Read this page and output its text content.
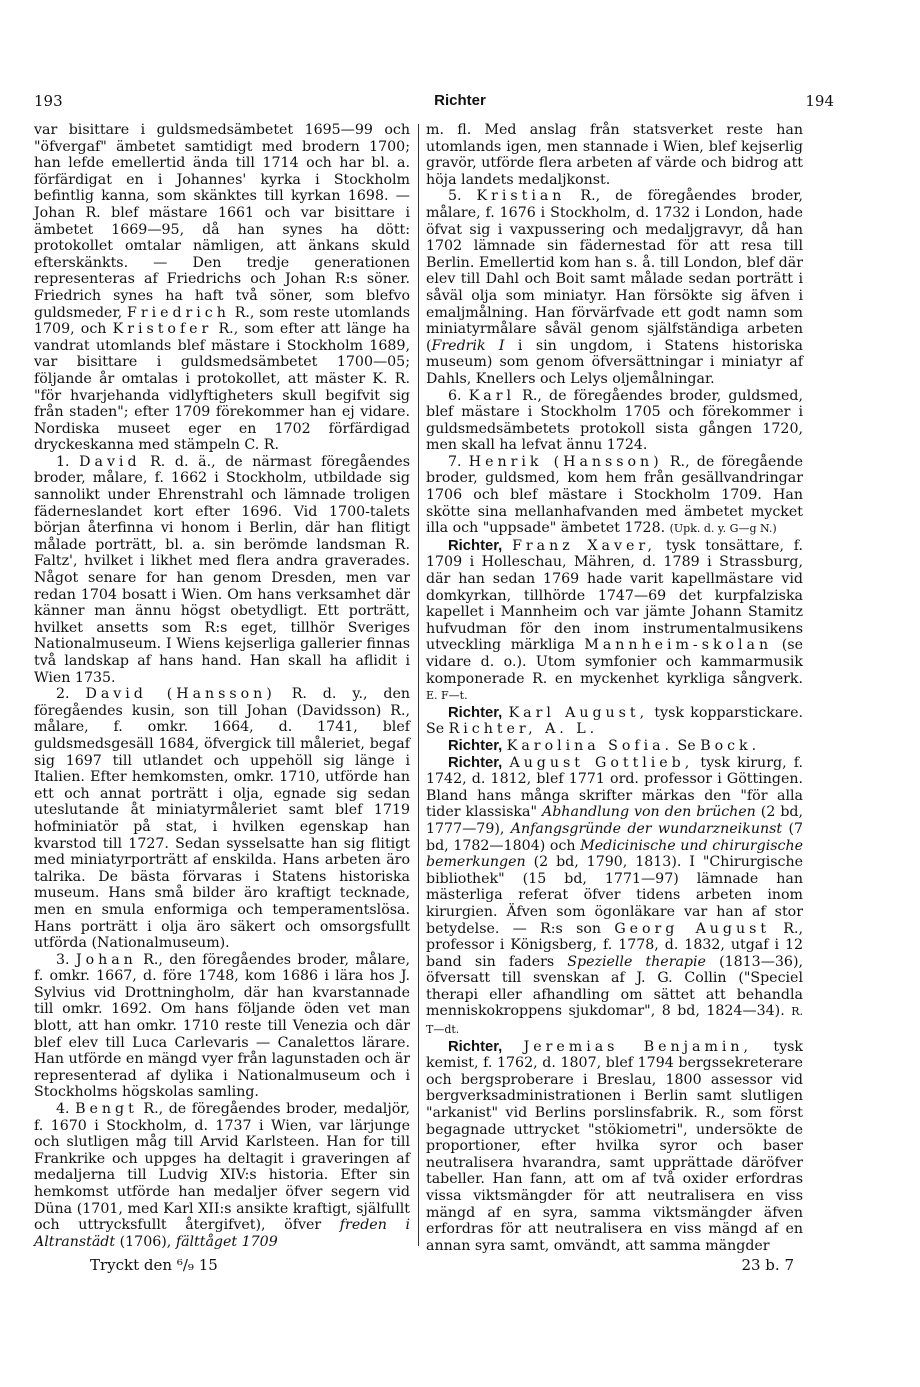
193	Richter	194

var bisittare i guldsmedsämbetet 1695—99 och "öfvergaf" ämbetet samtidigt med brodern 1700; han lefde emellertid ända till 1714 och har bl. a. förfärdigat en i Johannes' kyrka i Stockholm befintlig kanna, som skänktes till kyrkan 1698. — Johan R. blef mästare 1661 och var bisittare i ämbetet 1669—95, då han synes ha dött: protokollet omtalar nämligen, att änkans skuld efterskänkts. — Den tredje generationen representeras af Friedrichs och Johan R:s söner. Friedrich synes ha haft två söner, som blefvo guldsmeder, Friedrich R., som reste utomlands 1709, och Kristofer R., som efter att länge ha vandrat utomlands blef mästare i Stockholm 1689, var bisittare i guldsmedsämbetet 1700—05; följande år omtalas i protokollet, att mäster K. R. "för hvarjehanda vidlyftigheters skull begifvit sig från staden"; efter 1709 förekommer han ej vidare. Nordiska museet eger en 1702 förfärdigad dryckeskanna med stämpeln C. R.

1. David R. d. ä., de närmast föregåendes broder, målare, f. 1662 i Stockholm, utbildade sig sannolikt under Ehrenstrahl och lämnade troligen fäderneslandet kort efter 1696. Vid 1700-talets början återfinna vi honom i Berlin, där han flitigt målade porträtt, bl. a. sin berömde landsman R. Faltz', hvilket i likhet med flera andra graverades. Något senare for han genom Dresden, men var redan 1704 bosatt i Wien. Om hans verksamhet där känner man ännu högst obetydligt. Ett porträtt, hvilket ansetts som R:s eget, tillhör Sveriges Nationalmuseum. I Wiens kejserliga gallerier finnas två landskap af hans hand. Han skall ha aflidit i Wien 1735.

2. David (Hansson) R. d. y., den föregåendes kusin, son till Johan (Davidsson) R., målare, f. omkr. 1664, d. 1741, blef guldsmedsgesäll 1684, öfvergick till måleriet, begaf sig 1697 till utlandet och uppehöll sig länge i Italien. Efter hemkomsten, omkr. 1710, utförde han ett och annat porträtt i olja, egnade sig sedan uteslutande åt miniatyrmåleriet samt blef 1719 hofminiatör på stat, i hvilken egenskap han kvarstod till 1727. Sedan sysselsatte han sig flitigt med miniatyrporträtt af enskilda. Hans arbeten äro talrika. De bästa förvaras i Statens historiska museum. Hans små bilder äro kraftigt tecknade, men en smula enformiga och temperamentslösa. Hans porträtt i olja äro säkert och omsorgsfullt utförda (Nationalmuseum).

3. Johan R., den föregåendes broder, målare, f. omkr. 1667, d. före 1748, kom 1686 i lära hos J. Sylvius vid Drottningholm, där han kvarstannade till omkr. 1692. Om hans följande öden vet man blott, att han omkr. 1710 reste till Venezia och där blef elev till Luca Carlevaris — Canalettos lärare. Han utförde en mängd vyer från lagunstaden och är representerad af dylika i Nationalmuseum och i Stockholms högskolas samling.

4. Bengt R., de föregåendes broder, medaljör, f. 1670 i Stockholm, d. 1737 i Wien, var lärjunge och slutligen måg till Arvid Karlsteen. Han for till Frankrike och uppges ha deltagit i graveringen af medaljerna till Ludvig XIV:s historia. Efter sin hemkomst utförde han medaljer öfver segern vid Düna (1701, med Karl XII:s ansikte kraftigt, själfullt och uttrycksfullt återgifvet), öfver freden i Altranstädt (1706), fälttåget 1709

m. fl. Med anslag från statsverket reste han utomlands igen, men stannade i Wien, blef kejserlig gravör, utförde flera arbeten af värde och bidrog att höja landets medaljkonst.

5. Kristian R., de föregåendes broder, målare, f. 1676 i Stockholm, d. 1732 i London, hade öfvat sig i vaxpussering och medaljgravyr, då han 1702 lämnade sin fädernestad för att resa till Berlin. Emellertid kom han s. å. till London, blef där elev till Dahl och Boit samt målade sedan porträtt i såväl olja som miniatyr. Han försökte sig äfven i emaljmålning. Han förvärfvade ett godt namn som miniatyrmålare såväl genom själfständiga arbeten (Fredrik I i sin ungdom, i Statens historiska museum) som genom öfversättningar i miniatyr af Dahls, Knellers och Lelys oljemålningar.

6. Karl R., de föregåendes broder, guldsmed, blef mästare i Stockholm 1705 och förekommer i guldsmedsämbetets protokoll sista gången 1720, men skall ha lefvat ännu 1724.

7. Henrik (Hansson) R., de föregående broder, guldsmed, kom hem från gesällvandringar 1706 och blef mästare i Stockholm 1709. Han skötte sina mellanhafvanden med ämbetet mycket illa och "uppsade" ämbetet 1728. (Upk. d. y. G—g N.)

Richter, Franz Xaver, tysk tonsättare, f. 1709 i Holleschau, Mähren, d. 1789 i Strassburg, där han sedan 1769 hade varit kapellmästare vid domkyrkan, tillhörde 1747—69 det kurpfalziska kapellet i Mannheim och var jämte Johann Stamitz hufvudman för den inom instrumentalmusikens utveckling märkliga Mannheim-skolan (se vidare d. o.). Utom symfonier och kammarmusik komponerade R. en myckenhet kyrkliga sångverk. E. F—t.

Richter, Karl August, tysk kopparstickare. Se Richter, A. L.

Richter, Karolina Sofia. Se Bock.

Richter, August Gottlieb, tysk kirurg, f. 1742, d. 1812, blef 1771 ord. professor i Göttingen. Bland hans många skrifter märkas den "för alla tider klassiska" Abhandlung von den brüchen (2 bd, 1777—79), Anfangsgründe der wundarzneikunst (7 bd, 1782—1804) och Medicinische und chirurgische bemerkungen (2 bd, 1790, 1813). I "Chirurgische bibliothek" (15 bd, 1771—97) lämnade han mästerliga referat öfver tidens arbeten inom kirurgien. Äfven som ögonläkare var han af stor betydelse. — R:s son Georg August R., professor i Königsberg, f. 1778, d. 1832, utgaf i 12 band sin faders Spezielle therapie (1813—36), öfversatt till svenskan af J. G. Collin ("Speciel therapi eller afhandling om sättet att behandla menniskokroppens sjukdomar", 8 bd, 1824—34). R. T—dt.

Richter, Jeremias Benjamin, tysk kemist, f. 1762, d. 1807, blef 1794 bergssekreterare och bergsproberare i Breslau, 1800 assessor vid bergverksadministrationen i Berlin samt slutligen "arkanist" vid Berlins porslinsfabrik. R., som först begagnade uttrycket "stökiometri", undersökte de proportioner, efter hvilka syror och baser neutralisera hvarandra, samt upprättade däröfver tabeller. Han fann, att om af två oxider erfordras vissa viktsmängder för att neutralisera en viss mängd af en syra, samma viktsmängder äfven erfordras för att neutralisera en viss mängd af en annan syra samt, omvändt, att samma mängder

Tryckt den ⁶/₉ 15	23 b. 7
